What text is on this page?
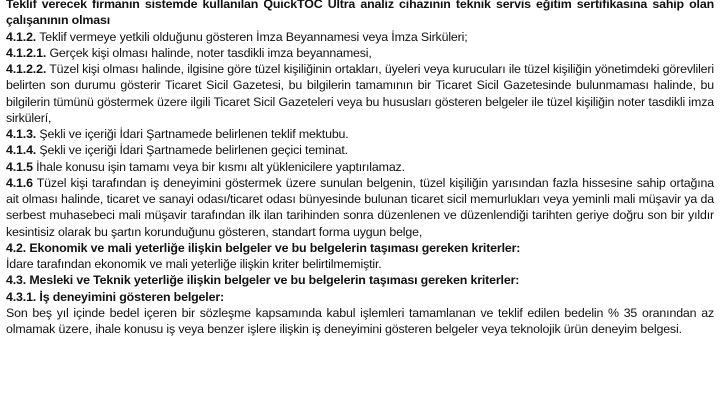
Teklif verecek firmanın sistemde kullanılan QuickTOC Ultra analiz cihazının teknik servis eğitim sertifikasına sahip olan çalışanının olması

4.1.2. Teklif vermeye yetkili olduğunu gösteren İmza Beyannamesi veya İmza Sirküleri;

4.1.2.1. Gerçek kişi olması halinde, noter tasdikli imza beyannamesi,

4.1.2.2. Tüzel kişi olması halinde, ilgisine göre tüzel kişiliğinin ortakları, üyeleri veya kurucuları ile tüzel kişiliğin yönetimdeki görevlileri belirten son durumu gösterir Ticaret Sicil Gazetesi, bu bilgilerin tamamının bir Ticaret Sicil Gazetesinde bulunmaması halinde, bu bilgilerin tümünü göstermek üzere ilgili Ticaret Sicil Gazeteleri veya bu hususları gösteren belgeler ile tüzel kişiliğin noter tasdikli imza sirkülerí,

4.1.3. Şekli ve içeriği İdari Şartnamede belirlenen teklif mektubu.

4.1.4. Şekli ve içeriği İdari Şartnamede belirlenen geçici teminat.

4.1.5 İhale konusu işin tamamı veya bir kısmı alt yüklenicilere yaptırılamaz.

4.1.6 Tüzel kişi tarafından iş deneyimini göstermek üzere sunulan belgenin, tüzel kişiliğin yarısından fazla hissesine sahip ortağına ait olması halinde, ticaret ve sanayi odası/ticaret odası bünyesinde bulunan ticaret sicil memurlukları veya yeminli mali müşavir ya da serbest muhasebeci mali müşavir tarafından ilk ilan tarihinden sonra düzenlenen ve düzenlendiği tarihten geriye doğru son bir yıldır kesintisiz olarak bu şartın korunduğunu gösteren, standart forma uygun belge,

4.2. Ekonomik ve mali yeterliğe ilişkin belgeler ve bu belgelerin taşıması gereken kriterler:

İdare tarafından ekonomik ve mali yeterliğe ilişkin kriter belirtilmemiştir.

4.3. Mesleki ve Teknik yeterliğe ilişkin belgeler ve bu belgelerin taşıması gereken kriterler:

4.3.1. İş deneyimini gösteren belgeler:

Son beş yıl içinde bedel içeren bir sözleşme kapsamında kabul işlemleri tamamlanan ve teklif edilen bedelin % 35 oranından az olmamak üzere, ihale konusu iş veya benzer işlere ilişkin iş deneyimini gösteren belgeler veya teknolojik ürün deneyim belgesi.
